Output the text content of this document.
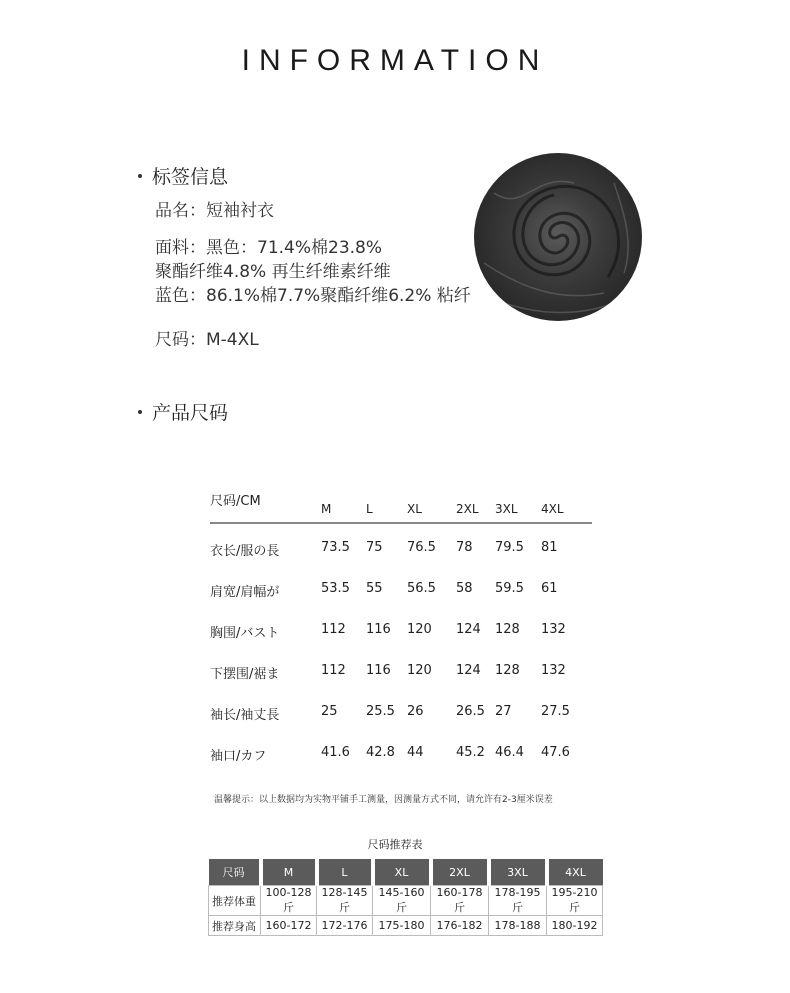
INFORMATION
标签信息
品名：短袖衬衣
面料：黑色：71.4%棉23.8%
聚酯纤维4.8% 再生纤维素纤维
蓝色：86.1%棉7.7%聚酯纤维6.2% 粘纤
尺码：M-4XL
产品尺码
尺码/CM	M	L	XL	2XL 3XL 4XL
衣长/服の長	73.5 75 76.5 78 79.5 81
肩宽/肩幅が	53.5 55 56.5 58 59.5 61
胸围/バスト	112 116 120 124 128 132
下摆围/裾ま	112 116 120 124 128 132
袖长/袖丈長	25 25.5 26 26.5 27 27.5
袖口/カフ	41.6 42.8 44 45.2 46.4 47.6
温馨提示：以上数据均为实物平铺手工测量，因测量方式不同，请允许有2-3厘米误差
尺码推荐表
尺码	M	L	XL	2XL	3XL	4XL
推荐体重	100-128斤	128-145斤	145-160斤	160-178斤	178-195斤	195-210斤
推荐身高	160-172	172-176	175-180	176-182	178-188	180-192
